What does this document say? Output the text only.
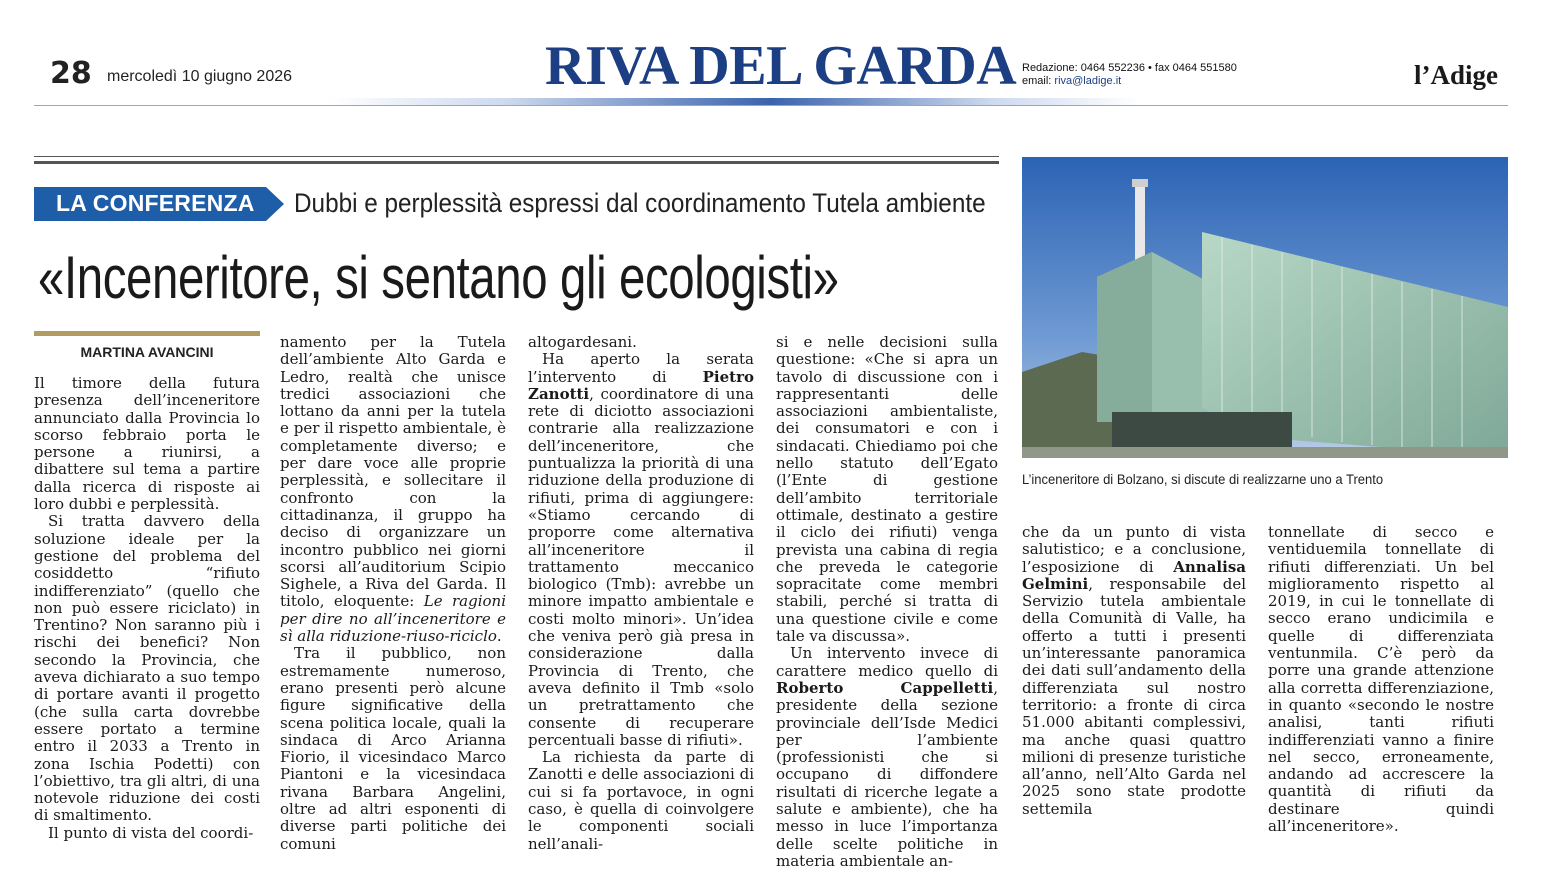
28 mercoledì 10 giugno 2026	RIVA DEL GARDA Redazione: 0464 552236 • fax 0464 551580
email: riva@ladige.it	l’Adige
LA CONFERENZA Dubbi e perplessità espressi dal coordinamento Tutela ambiente
«Inceneritore, si sentano gli ecologisti»
MARTINA AVANCINI

Il timore della futura presenza dell’inceneritore annunciato dalla Provincia lo scorso febbraio porta le persone a riunirsi, a dibattere sul tema a partire dalla ricerca di risposte ai loro dubbi e perplessità.

Si tratta davvero della soluzione ideale per la gestione del problema del cosiddetto “rifiuto indifferenziato” (quello che non può essere riciclato) in Trentino? Non saranno più i rischi dei benefici? Non secondo la Provincia, che aveva dichiarato a suo tempo di portare avanti il progetto (che sulla carta dovrebbe essere portato a termine entro il 2033 a Trento in zona Ischia Podetti) con l’obiettivo, tra gli altri, di una notevole riduzione dei costi di smaltimento.

Il punto di vista del coordi-

namento per la Tutela dell’ambiente Alto Garda e Ledro, realtà che unisce tredici associazioni che lottano da anni per la tutela e per il rispetto ambientale, è completamente diverso; e per dare voce alle proprie perplessità, e sollecitare il confronto con la cittadinanza, il gruppo ha deciso di organizzare un incontro pubblico nei giorni scorsi all’auditorium Scipio Sighele, a Riva del Garda. Il titolo, eloquente: Le ragioni per dire no all’inceneritore e sì alla riduzione-riuso-riciclo.

Tra il pubblico, non estremamente numeroso, erano presenti però alcune figure significative della scena politica locale, quali la sindaca di Arco Arianna Fiorio, il vicesindaco Marco Piantoni e la vicesindaca rivana Barbara Angelini, oltre ad altri esponenti di diverse parti politiche dei comuni

altogardesani.

Ha aperto la serata l’intervento di Pietro Zanotti, coordinatore di una rete di diciotto associazioni contrarie alla realizzazione dell’inceneritore, che puntualizza la priorità di una riduzione della produzione di rifiuti, prima di aggiungere: «Stiamo cercando di proporre come alternativa all’inceneritore il trattamento meccanico biologico (Tmb): avrebbe un minore impatto ambientale e costi molto minori». Un’idea che veniva però già presa in considerazione dalla Provincia di Trento, che aveva definito il Tmb «solo un pretrattamento che consente di recuperare percentuali basse di rifiuti».

La richiesta da parte di Zanotti e delle associazioni di cui si fa portavoce, in ogni caso, è quella di coinvolgere le componenti sociali nell’anali-

si e nelle decisioni sulla questione: «Che si apra un tavolo di discussione con i rappresentanti delle associazioni ambientaliste, dei consumatori e con i sindacati. Chiediamo poi che nello statuto dell’Egato (l’Ente di gestione dell’ambito territoriale ottimale, destinato a gestire il ciclo dei rifiuti) venga prevista una cabina di regia che preveda le categorie sopracitate come membri stabili, perché si tratta di una questione civile e come tale va discussa».

Un intervento invece di carattere medico quello di Roberto Cappelletti, presidente della sezione provinciale dell’Isde Medici per l’ambiente (professionisti che si occupano di diffondere risultati di ricerche legate a salute e ambiente), che ha messo in luce l’importanza delle scelte politiche in materia ambientale an-

L’inceneritore di Bolzano, si discute di realizzarne uno a Trento

che da un punto di vista salutistico; e a conclusione, l’esposizione di Annalisa Gelmini, responsabile del Servizio tutela ambientale della Comunità di Valle, ha offerto a tutti i presenti un’interessante panoramica dei dati sull’andamento della differenziata sul nostro territorio: a fronte di circa 51.000 abitanti complessivi, ma anche quasi quattro milioni di presenze turistiche all’anno, nell’Alto Garda nel 2025 sono state prodotte settemila

tonnellate di secco e ventiduemila tonnellate di rifiuti differenziati. Un bel miglioramento rispetto al 2019, in cui le tonnellate di secco erano undicimila e quelle di differenziata ventunmila. C’è però da porre una grande attenzione alla corretta differenziazione, in quanto «secondo le nostre analisi, tanti rifiuti indifferenziati vanno a finire nel secco, erroneamente, andando ad accrescere la quantità di rifiuti da destinare quindi all’inceneritore».
